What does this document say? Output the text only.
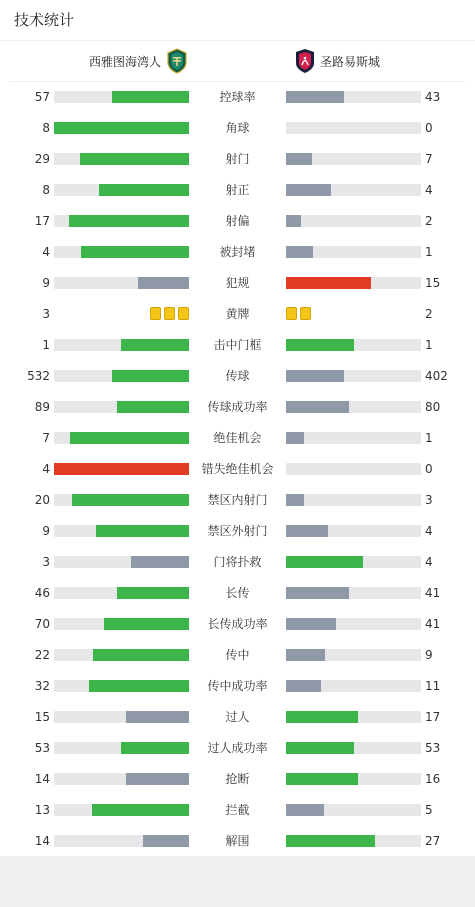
技术统计
西雅图海湾人	圣路易斯城
57	控球率	43
8	角球	0
29	射门	7
8	射正	4
17	射偏	2
4	被封堵	1
9	犯规	15
3	黄牌	2
1	击中门框	1
532	传球	402
89	传球成功率	80
7	绝佳机会	1
4	错失绝佳机会	0
20	禁区内射门	3
9	禁区外射门	4
3	门将扑救	4
46	长传	41
70	长传成功率	41
22	传中	9
32	传中成功率	11
15	过人	17
53	过人成功率	53
14	抢断	16
13	拦截	5
14	解围	27
